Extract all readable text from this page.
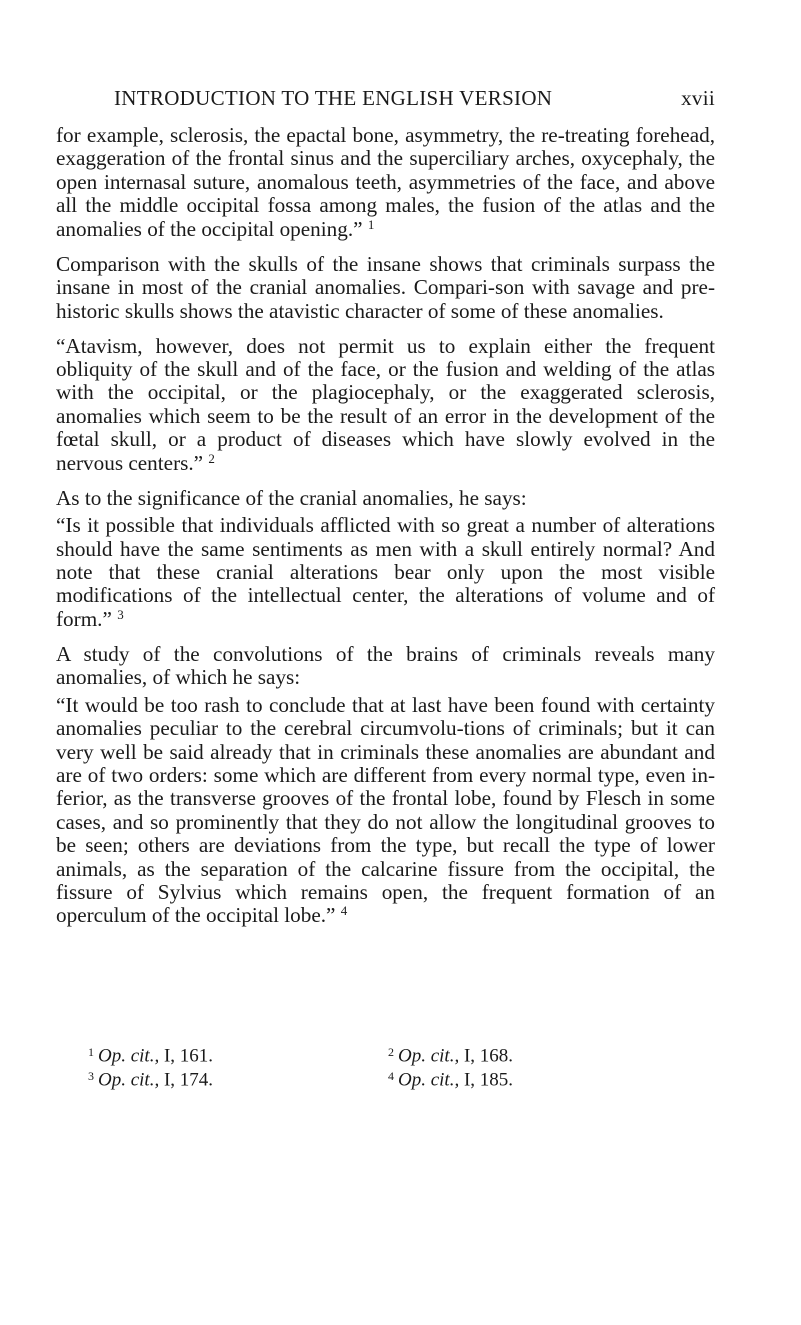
INTRODUCTION TO THE ENGLISH VERSION	xvii

for example, sclerosis, the epactal bone, asymmetry, the re-treating forehead, exaggeration of the frontal sinus and the superciliary arches, oxycephaly, the open internasal suture, anomalous teeth, asymmetries of the face, and above all the middle occipital fossa among males, the fusion of the atlas and the anomalies of the occipital opening.” $^1$

Comparison with the skulls of the insane shows that criminals surpass the insane in most of the cranial anomalies. Compari-son with savage and pre-historic skulls shows the atavistic character of some of these anomalies.

“Atavism, however, does not permit us to explain either the frequent obliquity of the skull and of the face, or the fusion and welding of the atlas with the occipital, or the plagiocephaly, or the exaggerated sclerosis, anomalies which seem to be the result of an error in the development of the fœtal skull, or a product of diseases which have slowly evolved in the nervous centers.” $^2$

As to the significance of the cranial anomalies, he says:

“Is it possible that individuals afflicted with so great a number of alterations should have the same sentiments as men with a skull entirely normal? And note that these cranial alterations bear only upon the most visible modifications of the intellectual center, the alterations of volume and of form.” $^3$

A study of the convolutions of the brains of criminals reveals many anomalies, of which he says:

“It would be too rash to conclude that at last have been found with certainty anomalies peculiar to the cerebral circumvolu-tions of criminals; but it can very well be said already that in criminals these anomalies are abundant and are of two orders: some which are different from every normal type, even in-ferior, as the transverse grooves of the frontal lobe, found by Flesch in some cases, and so prominently that they do not allow the longitudinal grooves to be seen; others are deviations from the type, but recall the type of lower animals, as the separation of the calcarine fissure from the occipital, the fissure of Sylvius which remains open, the frequent formation of an operculum of the occipital lobe.” $^4$

$^1$ Op. cit., I, 161.	$^2$ Op. cit., I, 168.
$^3$ Op. cit., I, 174.	$^4$ Op. cit., I, 185.
